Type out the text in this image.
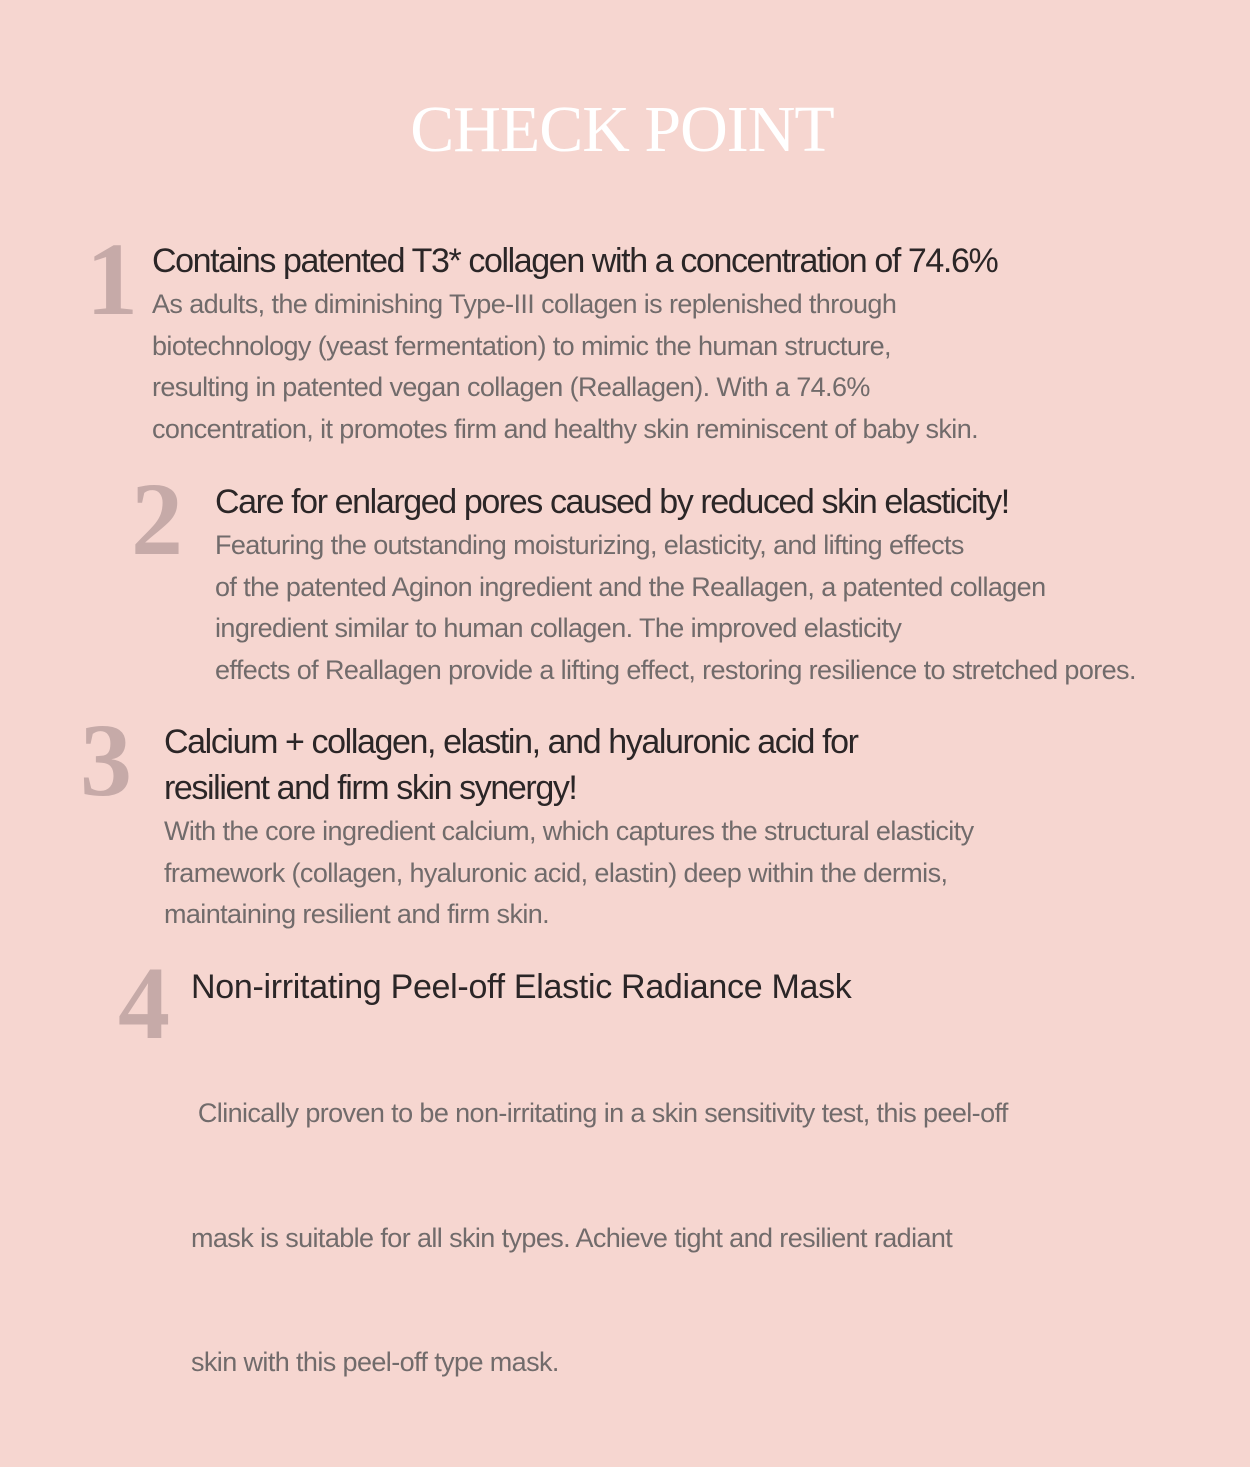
CHECK POINT
1 Contains patented T3* collagen with a concentration of 74.6%
As adults, the diminishing Type-III collagen is replenished through
biotechnology (yeast fermentation) to mimic the human structure,
resulting in patented vegan collagen (Reallagen). With a 74.6%
concentration, it promotes firm and healthy skin reminiscent of baby skin.
2 Care for enlarged pores caused by reduced skin elasticity!
Featuring the outstanding moisturizing, elasticity, and lifting effects
of the patented Aginon ingredient and the Reallagen, a patented collagen
ingredient similar to human collagen. The improved elasticity
effects of Reallagen provide a lifting effect, restoring resilience to stretched pores.
3 Calcium + collagen, elastin, and hyaluronic acid for
resilient and firm skin synergy!
With the core ingredient calcium, which captures the structural elasticity
framework (collagen, hyaluronic acid, elastin) deep within the dermis,
maintaining resilient and firm skin.
4 Non-irritating Peel-off Elastic Radiance Mask

Clinically proven to be non-irritating in a skin sensitivity test, this peel-off

mask is suitable for all skin types. Achieve tight and resilient radiant

skin with this peel-off type mask.
